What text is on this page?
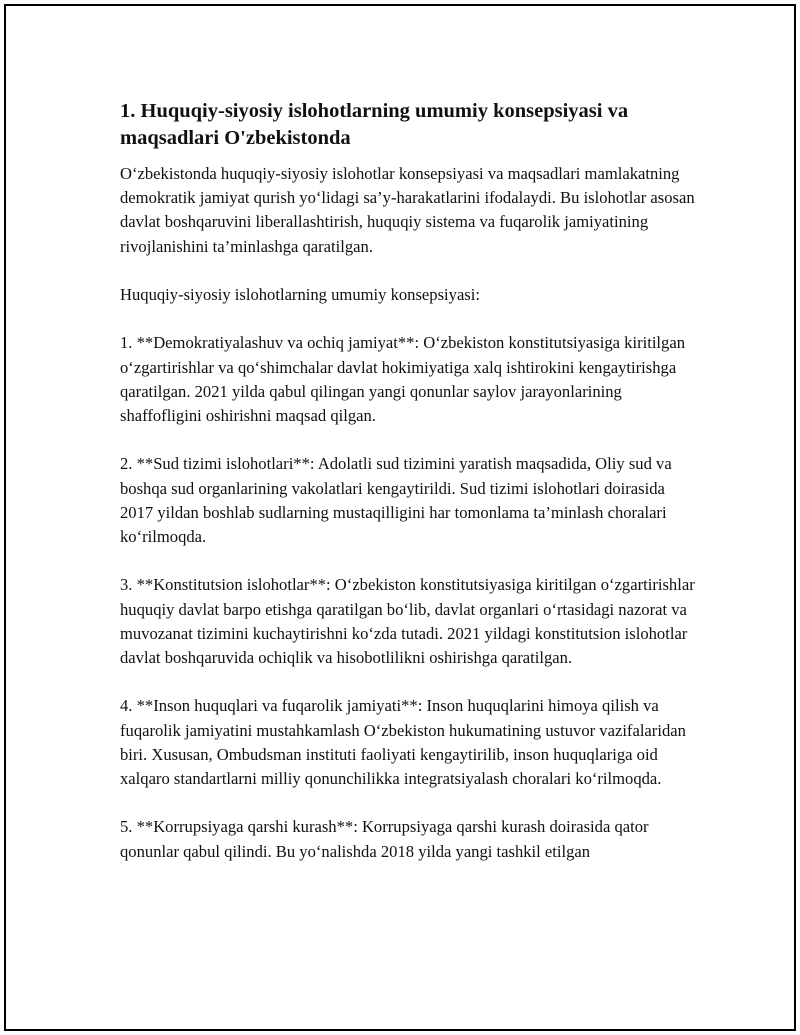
1. Huquqiy-siyosiy islohotlarning umumiy konsepsiyasi va maqsadlari O'zbekistonda

O‘zbekistonda huquqiy-siyosiy islohotlar konsepsiyasi va maqsadlari mamlakatning demokratik jamiyat qurish yo‘lidagi sa’y-harakatlarini ifodalaydi. Bu islohotlar asosan davlat boshqaruvini liberallashtirish, huquqiy sistema va fuqarolik jamiyatining rivojlanishini ta’minlashga qaratilgan.

Huquqiy-siyosiy islohotlarning umumiy konsepsiyasi:

1. **Demokratiyalashuv va ochiq jamiyat**: O‘zbekiston konstitutsiyasiga kiritilgan o‘zgartirishlar va qo‘shimchalar davlat hokimiyatiga xalq ishtirokini kengaytirishga qaratilgan. 2021 yilda qabul qilingan yangi qonunlar saylov jarayonlarining shaffofligini oshirishni maqsad qilgan.

2. **Sud tizimi islohotlari**: Adolatli sud tizimini yaratish maqsadida, Oliy sud va boshqa sud organlarining vakolatlari kengaytirildi. Sud tizimi islohotlari doirasida 2017 yildan boshlab sudlarning mustaqilligini har tomonlama ta’minlash choralari ko‘rilmoqda.

3. **Konstitutsion islohotlar**: O‘zbekiston konstitutsiyasiga kiritilgan o‘zgartirishlar huquqiy davlat barpo etishga qaratilgan bo‘lib, davlat organlari o‘rtasidagi nazorat va muvozanat tizimini kuchaytirishni ko‘zda tutadi. 2021 yildagi konstitutsion islohotlar davlat boshqaruvida ochiqlik va hisobotlilikni oshirishga qaratilgan.

4. **Inson huquqlari va fuqarolik jamiyati**: Inson huquqlarini himoya qilish va fuqarolik jamiyatini mustahkamlash O‘zbekiston hukumatining ustuvor vazifalaridan biri. Xususan, Ombudsman instituti faoliyati kengaytirilib, inson huquqlariga oid xalqaro standartlarni milliy qonunchilikka integratsiyalash choralari ko‘rilmoqda.

5. **Korrupsiyaga qarshi kurash**: Korrupsiyaga qarshi kurash doirasida qator qonunlar qabul qilindi. Bu yo‘nalishda 2018 yilda yangi tashkil etilgan
